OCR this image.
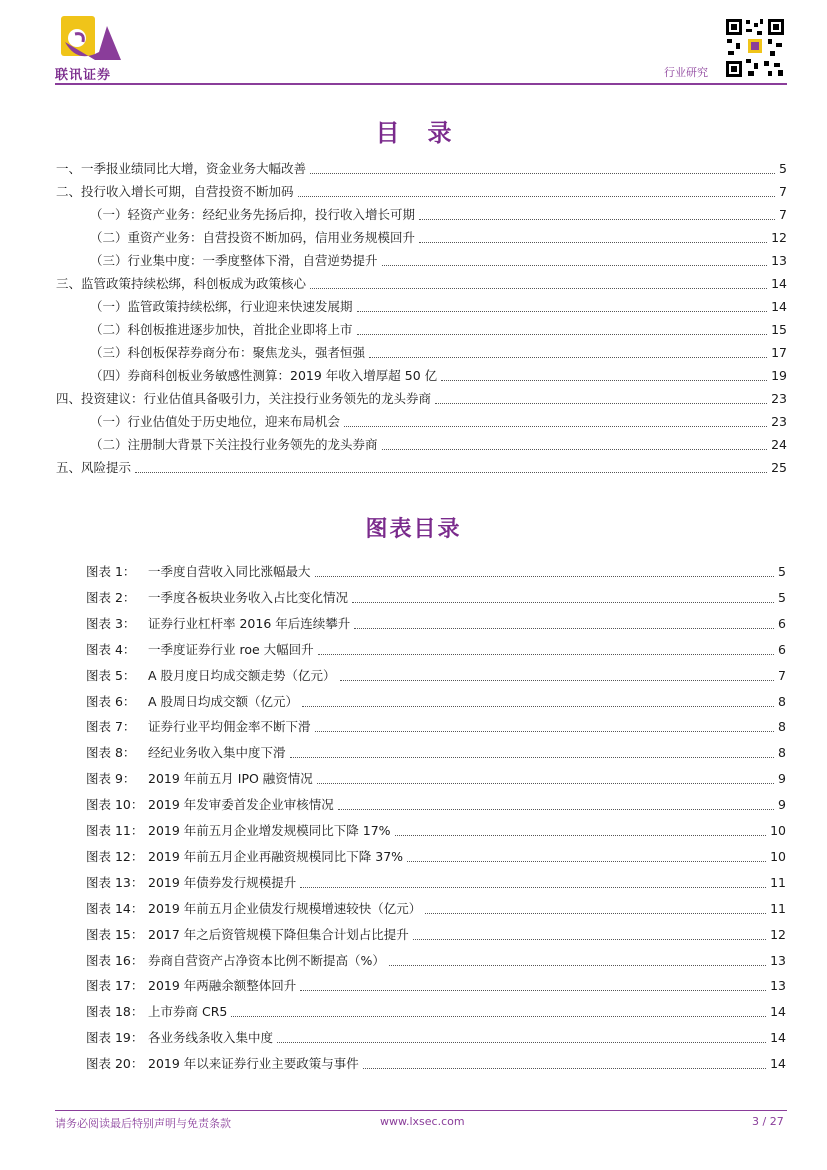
联讯证券	行业研究
目录
一、一季报业绩同比大增，资金业务大幅改善	5
二、投行收入增长可期，自营投资不断加码	7
（一）轻资产业务：经纪业务先扬后抑，投行收入增长可期	7
（二）重资产业务：自营投资不断加码，信用业务规模回升	12
（三）行业集中度：一季度整体下滑，自营逆势提升	13
三、监管政策持续松绑，科创板成为政策核心	14
（一）监管政策持续松绑，行业迎来快速发展期	14
（二）科创板推进逐步加快，首批企业即将上市	15
（三）科创板保荐券商分布：聚焦龙头，强者恒强	17
（四）券商科创板业务敏感性测算：2019 年收入增厚超 50 亿	19
四、投资建议：行业估值具备吸引力，关注投行业务领先的龙头券商	23
（一）行业估值处于历史地位，迎来布局机会	23
（二）注册制大背景下关注投行业务领先的龙头券商	24
五、风险提示	25
图表目录
图表 1：	一季度自营收入同比涨幅最大	5
图表 2：	一季度各板块业务收入占比变化情况	5
图表 3：	证券行业杠杆率 2016 年后连续攀升	6
图表 4：	一季度证券行业 roe 大幅回升	6
图表 5：	A 股月度日均成交额走势（亿元）	7
图表 6：	A 股周日均成交额（亿元）	8
图表 7：	证券行业平均佣金率不断下滑	8
图表 8：	经纪业务收入集中度下滑	8
图表 9：	2019 年前五月 IPO 融资情况	9
图表 10： 2019 年发审委首发企业审核情况	9
图表 11： 2019 年前五月企业增发规模同比下降 17%	10
图表 12： 2019 年前五月企业再融资规模同比下降 37%	10
图表 13： 2019 年债券发行规模提升	11
图表 14： 2019 年前五月企业债发行规模增速较快（亿元）	11
图表 15： 2017 年之后资管规模下降但集合计划占比提升	12
图表 16： 券商自营资产占净资本比例不断提高（%）	13
图表 17： 2019 年两融余额整体回升	13
图表 18： 上市券商 CR5	14
图表 19： 各业务线条收入集中度	14
图表 20： 2019 年以来证券行业主要政策与事件	14
请务必阅读最后特别声明与免责条款	www.lxsec.com	3 / 27
